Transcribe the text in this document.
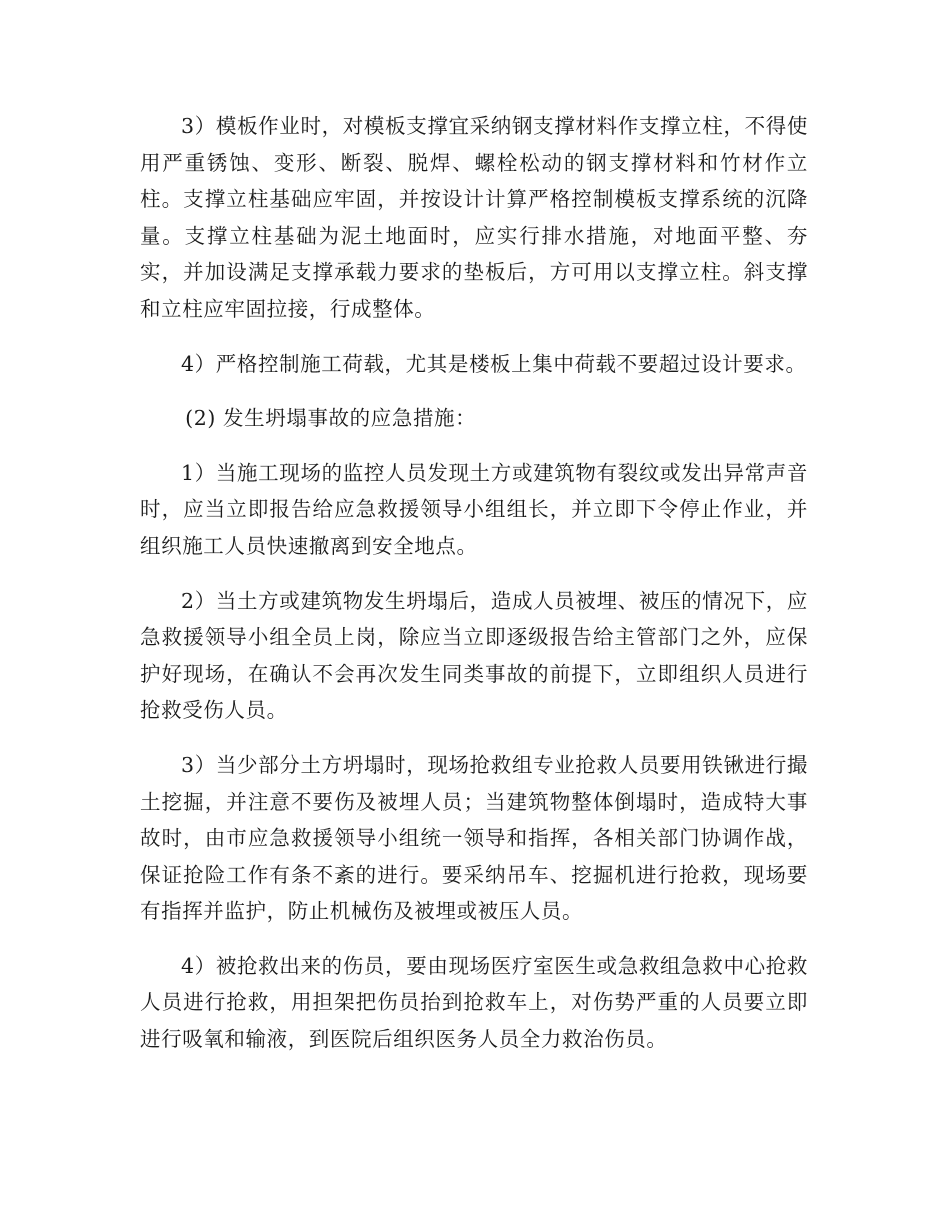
3）模板作业时，对模板支撑宜采纳钢支撑材料作支撑立柱，不得使用严重锈蚀、变形、断裂、脱焊、螺栓松动的钢支撑材料和竹材作立柱。支撑立柱基础应牢固，并按设计计算严格控制模板支撑系统的沉降量。支撑立柱基础为泥土地面时，应实行排水措施，对地面平整、夯实，并加设满足支撑承载力要求的垫板后，方可用以支撑立柱。斜支撑和立柱应牢固拉接，行成整体。

4）严格控制施工荷载，尤其是楼板上集中荷载不要超过设计要求。

(2) 发生坍塌事故的应急措施：

1）当施工现场的监控人员发现土方或建筑物有裂纹或发出异常声音时，应当立即报告给应急救援领导小组组长，并立即下令停止作业，并组织施工人员快速撤离到安全地点。

2）当土方或建筑物发生坍塌后，造成人员被埋、被压的情况下，应急救援领导小组全员上岗，除应当立即逐级报告给主管部门之外，应保护好现场，在确认不会再次发生同类事故的前提下，立即组织人员进行抢救受伤人员。

3）当少部分土方坍塌时，现场抢救组专业抢救人员要用铁锹进行撮土挖掘，并注意不要伤及被埋人员；当建筑物整体倒塌时，造成特大事故时，由市应急救援领导小组统一领导和指挥，各相关部门协调作战，保证抢险工作有条不紊的进行。要采纳吊车、挖掘机进行抢救，现场要有指挥并监护，防止机械伤及被埋或被压人员。

4）被抢救出来的伤员，要由现场医疗室医生或急救组急救中心抢救人员进行抢救，用担架把伤员抬到抢救车上，对伤势严重的人员要立即进行吸氧和输液，到医院后组织医务人员全力救治伤员。
